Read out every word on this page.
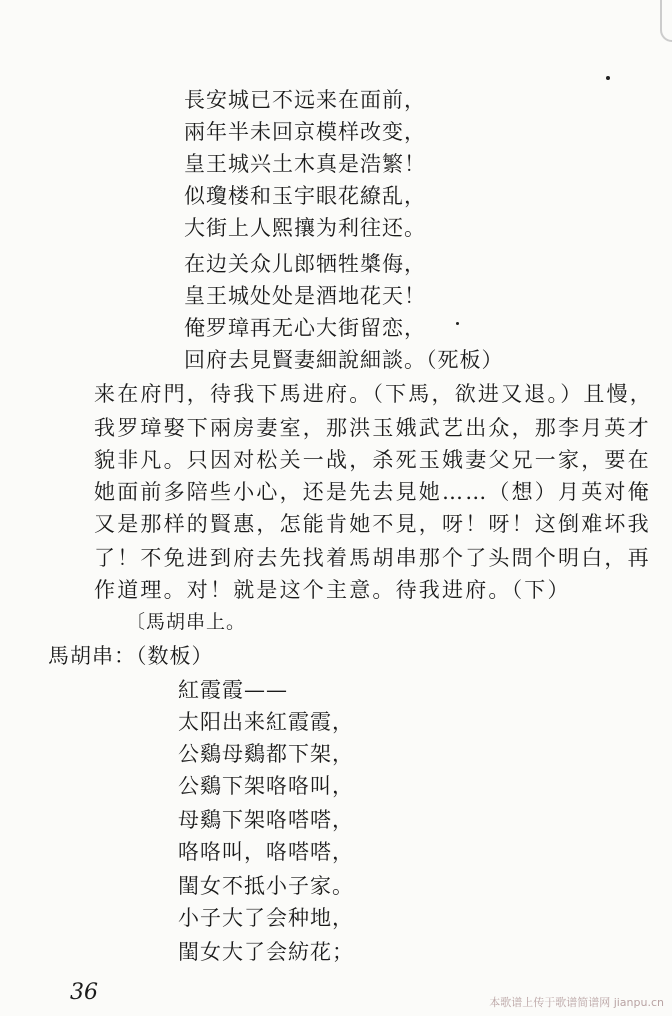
長安城已不远来在面前，
兩年半未回京模样改变，
皇王城兴土木真是浩繁！
似瓊楼和玉宇眼花繚乱，
大街上人熙攘为利往还。
在边关众儿郎牺牲槳侮，
皇王城处处是酒地花天！
俺罗璋再无心大街留恋，
回府去見賢妻細說細談。（死板）
来在府門，待我下馬进府。（下馬，欲进又退。）且慢，
我罗璋娶下兩房妻室，那洪玉娥武艺出众，那李月英才
貌非凡。只因对松关一战，杀死玉娥妻父兄一家，要在
她面前多陪些小心，还是先去見她……（想）月英对俺
又是那样的賢惠，怎能肯她不見，呀！呀！这倒难坏我
了！不免进到府去先找着馬胡串那个了头問个明白，再
作道理。对！就是这个主意。待我进府。（下）
〔馬胡串上。
馬胡串：（数板）
紅霞霞——
太阳出来紅霞霞，
公鷄母鷄都下架，
公鷄下架咯咯叫，
母鷄下架咯嗒嗒，
咯咯叫，咯嗒嗒，
閨女不抵小子家。
小子大了会种地，
閨女大了会紡花；
36	本歌谱上传于歌谱简谱网 jianpu.cn
